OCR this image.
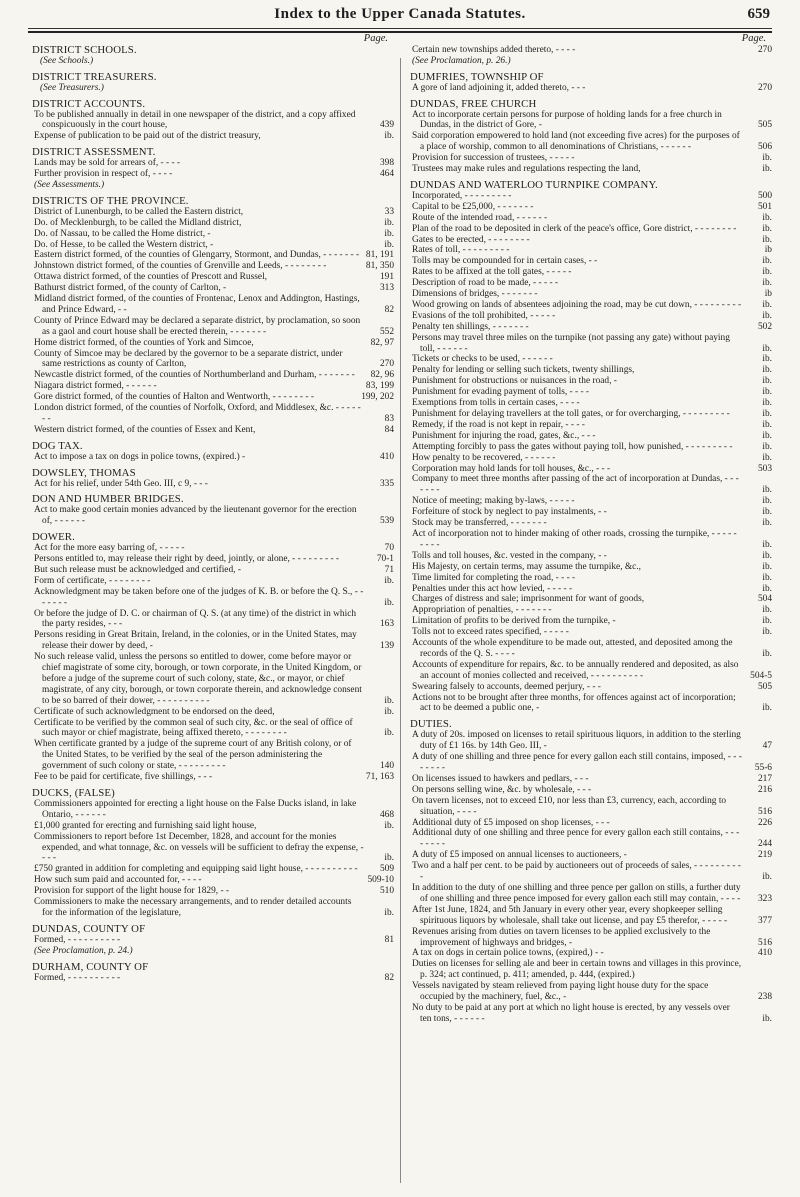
Index to the Upper Canada Statutes.	659
Page.
DISTRICT SCHOOLS.
(See Schools.)
DISTRICT TREASURERS.
(See Treasurers.)
DISTRICT ACCOUNTS.
To be published annually in detail in one newspaper of the district, and a copy affixed conspicuously in the court house,	439
Expense of publication to be paid out of the district treasury,	ib.
DISTRICT ASSESSMENT.
Lands may be sold for arrears of, - - - -	398
Further provision in respect of, - - - -	464
(See Assessments.)
DISTRICTS OF THE PROVINCE.
District of Lunenburgh, to be called the Eastern district,	33
Do. of Mecklenburgh, to be called the Midland district,	ib.
Do. of Nassau, to be called the Home district, -	ib.
Do. of Hesse, to be called the Western district, -	ib.
Eastern district formed, of the counties of Glengarry, Stormont, and Dundas, - - - - - - - 81, 191
Johnstown district formed, of the counties of Grenville and Leeds, - - - - - - - -	81, 350
Ottawa district formed, of the counties of Prescott and Russel,	191
Bathurst district formed, of the county of Carlton, -	313
Midland district formed, of the counties of Frontenac, Lenox and Addington, Hastings, and Prince Edward, - -	82
County of Prince Edward may be declared a separate district, by proclamation, so soon as a gaol and court house shall be erected therein, - - - - - - -	552
Home district formed, of the counties of York and Simcoe,	82, 97
County of Simcoe may be declared by the governor to be a separate district, under same restrictions as county of Carlton,	270
Newcastle district formed, of the counties of Northumberland and Durham, - - - - - - - 82, 96
Niagara district formed, - - - - - -	83, 199
Gore district formed, of the counties of Halton and Wentworth, - - - - - - - -	199, 202
London district formed, of the counties of Norfolk, Oxford, and Middlesex, &c. - - - - - - -	83
Western district formed, of the counties of Essex and Kent,	84
DOG TAX.
Act to impose a tax on dogs in police towns, (expired.) -	410
DOWSLEY, THOMAS
Act for his relief, under 54th Geo. III, c 9, - - -	335
DON AND HUMBER BRIDGES.
Act to make good certain monies advanced by the lieutenant governor for the erection of, - - - - - -	539
DOWER.
Act for the more easy barring of, - - - - -	70
Persons entitled to, may release their right by deed, jointly, or alone, - - - - - - - - -	70-1
But such release must be acknowledged and certified, -	71
Form of certificate, - - - - - - - -	ib.
Acknowledgment may be taken before one of the judges of K. B. or before the Q. S., - - - - - - -	ib.
Or before the judge of D. C. or chairman of Q. S. (at any time) of the district in which the party resides, - - -	163
Persons residing in Great Britain, Ireland, in the colonies, or in the United States, may release their dower by deed, -	139
No such release valid, unless the persons so entitled to dower, come before mayor or chief magistrate of some city, borough, or town corporate, in the United Kingdom, or before a judge of the supreme court of such colony, state, &c., or mayor, or chief magistrate, of any city, borough, or town corporate therein, and acknowledge consent to be so barred of their dower, - - - - - - - - - -	ib.
Certificate of such acknowledgment to be endorsed on the deed,	ib.
Certificate to be verified by the common seal of such city, &c. or the seal of office of such mayor or chief magistrate, being affixed thereto, - - - - - - - -	ib.
When certificate granted by a judge of the supreme court of any British colony, or of the United States, to be verified by the seal of the person administering the government of such colony or state, - - - - - - - - -	140
Fee to be paid for certificate, five shillings, - - -	71, 163
DUCKS, (FALSE)
Commissioners appointed for erecting a light house on the False Ducks island, in lake Ontario, - - - - - -	468
£1,000 granted for erecting and furnishing said light house,	ib.
Commissioners to report before 1st December, 1828, and account for the monies expended, and what tonnage, &c. on vessels will be sufficient to defray the expense, - - - -	ib.
£750 granted in addition for completing and equipping said light house, - - - - - - - - - - 509
How such sum paid and accounted for, - - - -	509-10
Provision for support of the light house for 1829, - -	510
Commissioners to make the necessary arrangements, and to render detailed accounts for the information of the legislature,	ib.
DUNDAS, COUNTY OF
Formed, - - - - - - - - - -	81
(See Proclamation, p. 24.)
DURHAM, COUNTY OF
Formed, - - - - - - - - - -	82
Page.
Certain new townships added thereto, - - - -	270
(See Proclamation, p. 26.)
DUMFRIES, TOWNSHIP OF
A gore of land adjoining it, added thereto, - - -	270
DUNDAS, FREE CHURCH
Act to incorporate certain persons for purpose of holding lands for a free church in Dundas, in the district of Gore, -	505
Said corporation empowered to hold land (not exceeding five acres) for the purposes of a place of worship, common to all denominations of Christians, - - - - - -	506
Provision for succession of trustees, - - - - -	ib.
Trustees may make rules and regulations respecting the land,	ib.
DUNDAS AND WATERLOO TURNPIKE COMPANY.
Incorporated, - - - - - - - - -	500
Capital to be £25,000, - - - - - - -	501
Route of the intended road, - - - - - -	ib.
Plan of the road to be deposited in clerk of the peace's office, Gore district, - - - - - - - -	ib.
Gates to be erected, - - - - - - - -	ib.
Rates of toll, - - - - - - - - -	ib
Tolls may be compounded for in certain cases, - -	ib.
Rates to be affixed at the toll gates, - - - - -	ib.
Description of road to be made, - - - - -	ib.
Dimensions of bridges, - - - - - - -	ib
Wood growing on lands of absentees adjoining the road, may be cut down, - - - - - - - - - ib.
Evasions of the toll prohibited, - - - - -	ib.
Penalty ten shillings, - - - - - - -	502
Persons may travel three miles on the turnpike (not passing any gate) without paying toll, - - - - - -	ib.
Tickets or checks to be used, - - - - - -	ib.
Penalty for lending or selling such tickets, twenty shillings,	ib.
Punishment for obstructions or nuisances in the road, -	ib.
Punishment for evading payment of tolls, - - - -	ib.
Exemptions from tolls in certain cases, - - - -	ib.
Punishment for delaying travellers at the toll gates, or for overcharging, - - - - - - - - -	ib.
Remedy, if the road is not kept in repair, - - - -	ib.
Punishment for injuring the road, gates, &c., - - -	ib.
Attempting forcibly to pass the gates without paying toll, how punished, - - - - - - - - -	ib.
How penalty to be recovered, - - - - - -	ib.
Corporation may hold lands for toll houses, &c., - - -	503
Company to meet three months after passing of the act of incorporation at Dundas, - - - - - - -	ib.
Notice of meeting; making by-laws, - - - - -	ib.
Forfeiture of stock by neglect to pay instalments, - -	ib.
Stock may be transferred, - - - - - - -	ib.
Act of incorporation not to hinder making of other roads, crossing the turnpike, - - - - - - - - -	ib.
Tolls and toll houses, &c. vested in the company, - -	ib.
His Majesty, on certain terms, may assume the turnpike, &c.,	ib.
Time limited for completing the road, - - - -	ib.
Penalties under this act how levied, - - - - -	ib.
Charges of distress and sale; imprisonment for want of goods,	504
Appropriation of penalties, - - - - - - -	ib.
Limitation of profits to be derived from the turnpike, -	ib.
Tolls not to exceed rates specified, - - - - -	ib.
Accounts of the whole expenditure to be made out, attested, and deposited among the records of the Q. S. - - - -	ib.
Accounts of expenditure for repairs, &c. to be annually rendered and deposited, as also an account of monies collected and received, - - - - - - - - - -	504-5
Swearing falsely to accounts, deemed perjury, - - -	505
Actions not to be brought after three months, for offences against act of incorporation; act to be deemed a public one, -	ib.
DUTIES.
A duty of 20s. imposed on licenses to retail spirituous liquors, in addition to the sterling duty of £1 16s. by 14th Geo. III, -	47
A duty of one shilling and three pence for every gallon each still contains, imposed, - - - - - - - -	55-6
On licenses issued to hawkers and pedlars, - - -	217
On persons selling wine, &c. by wholesale, - - -	216
On tavern licenses, not to exceed £10, nor less than £3, currency, each, according to situation, - - - -	516
Additional duty of £5 imposed on shop licenses, - - -	226
Additional duty of one shilling and three pence for every gallon each still contains, - - - - - - - -	244
A duty of £5 imposed on annual licenses to auctioneers, -	219
Two and a half per cent. to be paid by auctioneers out of proceeds of sales, - - - - - - - - - -	ib.
In addition to the duty of one shilling and three pence per gallon on stills, a further duty of one shilling and three pence imposed for every gallon each still may contain, - - - - 323
After 1st June, 1824, and 5th January in every other year, every shopkeeper selling spirituous liquors by wholesale, shall take out license, and pay £5 therefor, - - - - -	377
Revenues arising from duties on tavern licenses to be applied exclusively to the improvement of highways and bridges, -	516
A tax on dogs in certain police towns, (expired,) - -	410
Duties on licenses for selling ale and beer in certain towns and villages in this province, p. 324; act continued, p. 411; amended, p. 444, (expired.)
Vessels navigated by steam relieved from paying light house duty for the space occupied by the machinery, fuel, &c., -	238
No duty to be paid at any port at which no light house is erected, by any vessels over ten tons, - - - - - -	ib.
